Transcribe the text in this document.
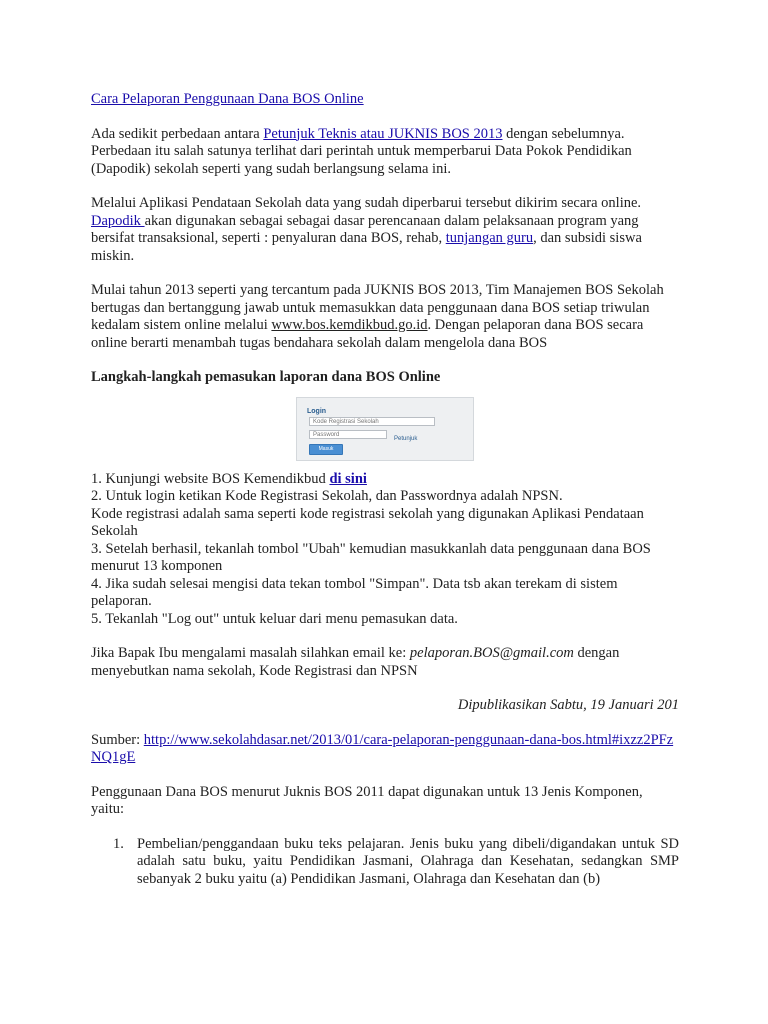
Cara Pelaporan Penggunaan Dana BOS Online

Ada sedikit perbedaan antara Petunjuk Teknis atau JUKNIS BOS 2013 dengan sebelumnya. Perbedaan itu salah satunya terlihat dari perintah untuk memperbarui Data Pokok Pendidikan (Dapodik) sekolah seperti yang sudah berlangsung selama ini.

Melalui Aplikasi Pendataan Sekolah data yang sudah diperbarui tersebut dikirim secara online. Dapodik akan digunakan sebagai sebagai dasar perencanaan dalam pelaksanaan program yang bersifat transaksional, seperti : penyaluran dana BOS, rehab, tunjangan guru, dan subsidi siswa miskin.

Mulai tahun 2013 seperti yang tercantum pada JUKNIS BOS 2013, Tim Manajemen BOS Sekolah bertugas dan bertanggung jawab untuk memasukkan data penggunaan dana BOS setiap triwulan kedalam sistem online melalui www.bos.kemdikbud.go.id. Dengan pelaporan dana BOS secara online berarti menambah tugas bendahara sekolah dalam mengelola dana BOS

Langkah-langkah pemasukan laporan dana BOS Online

Login
Kode Registrasi Sekolah
Password
Petunjuk
Masuk

1. Kunjungi website BOS Kemendikbud di sini

2. Untuk login ketikan Kode Registrasi Sekolah, dan Passwordnya adalah NPSN.

Kode registrasi adalah sama seperti kode registrasi sekolah yang digunakan Aplikasi Pendataan Sekolah

3. Setelah berhasil, tekanlah tombol "Ubah" kemudian masukkanlah data penggunaan dana BOS menurut 13 komponen

4. Jika sudah selesai mengisi data tekan tombol "Simpan". Data tsb akan terekam di sistem pelaporan.

5. Tekanlah "Log out" untuk keluar dari menu pemasukan data.

Jika Bapak Ibu mengalami masalah silahkan email ke: pelaporan.BOS@gmail.com dengan menyebutkan nama sekolah, Kode Registrasi dan NPSN

Dipublikasikan Sabtu, 19 Januari 201

Sumber: http://www.sekolahdasar.net/2013/01/cara-pelaporan-penggunaan-dana-bos.html#ixzz2PFzNQ1gE

Penggunaan Dana BOS menurut Juknis BOS 2011 dapat digunakan untuk 13 Jenis Komponen, yaitu:

1. Pembelian/penggandaan buku teks pelajaran. Jenis buku yang dibeli/digandakan untuk SD adalah satu buku, yaitu Pendidikan Jasmani, Olahraga dan Kesehatan, sedangkan SMP sebanyak 2 buku yaitu (a) Pendidikan Jasmani, Olahraga dan Kesehatan dan (b)
